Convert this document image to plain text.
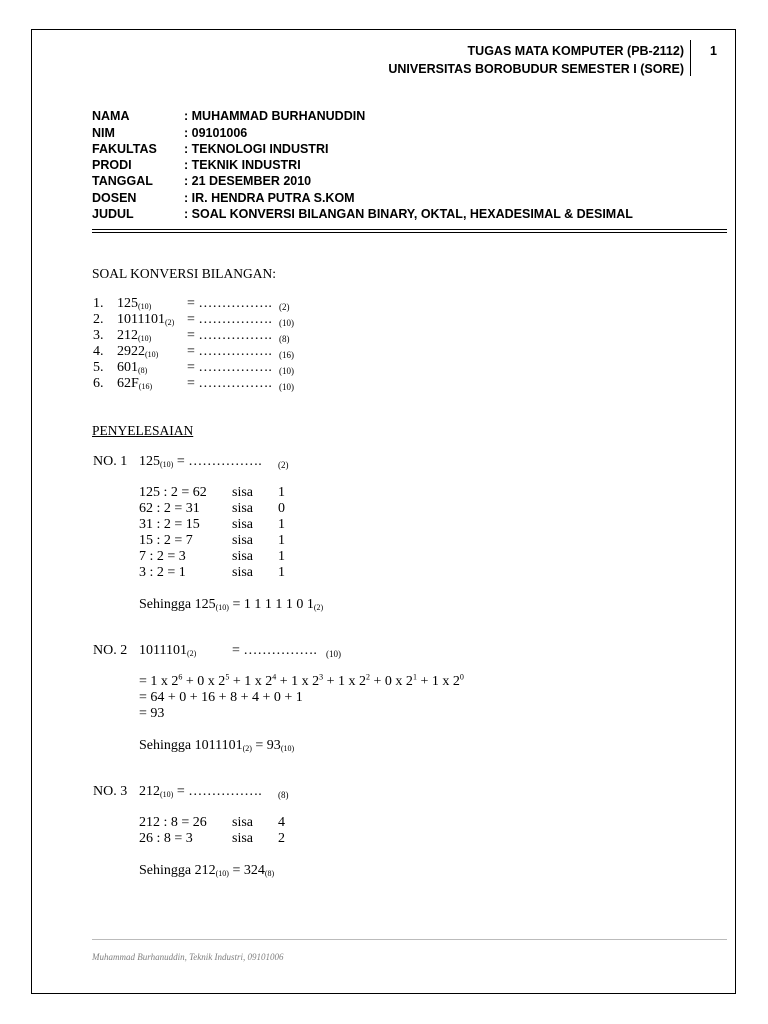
TUGAS MATA KOMPUTER (PB-2112)
UNIVERSITAS BOROBUDUR SEMESTER I (SORE)
1
NAMA	: MUHAMMAD BURHANUDDIN
NIM	: 09101006
FAKULTAS : TEKNOLOGI INDUSTRI
PRODI	: TEKNIK INDUSTRI
TANGGAL : 21 DESEMBER 2010
DOSEN	: IR. HENDRA PUTRA S.KOM
JUDUL	: SOAL KONVERSI BILANGAN BINARY, OKTAL, HEXADESIMAL & DESIMAL
SOAL KONVERSI BILANGAN:
1. $125_{(10)}$	= ……………. (2)
2. $1011101_{(2)}$ = ……………. (10)
3. $212_{(10)}$	= ……………. (8)
4. $2922_{(10)}$ = ……………. (16)
5. $601_{(8)}$	= ……………. (10)
6. $62F_{(16)}$ = ……………. (10)
PENYELESAIAN
NO. 1 $125_{(10)}$ = ……………. (2)
125 : 2 = 62 sisa 1
62 : 2 = 31 sisa 0
31 : 2 = 15 sisa 1
15 : 2 = 7	sisa 1
7 : 2 = 3	sisa 1
3 : 2 = 1	sisa 1
Sehingga $125_{(10)} = 1$ 1 1 1 1 0 $1_{(2)}$
NO. 2 $1011101_{(2)}$	= ……………. (10)
= 1 x $2^6 + 0$ x $2^5 + 1$ x $2^4 + 1$ x $2^3 + 1$ x $2^2 + 0$ x $2^1 + 1$ x $2^0$
= 64 + 0 + 16 + 8 + 4 + 0 + 1
= 93
Sehingga $1011101_{(2)} = 93_{(10)}$
NO. 3 $212_{(10)}$ = ……………. (8)
212 : 8 = 26 sisa 4
26 : 8 = 3	sisa 2
Sehingga $212_{(10)} = 324_{(8)}$
Muhammad Burhanuddin, Teknik Industri, 09101006
